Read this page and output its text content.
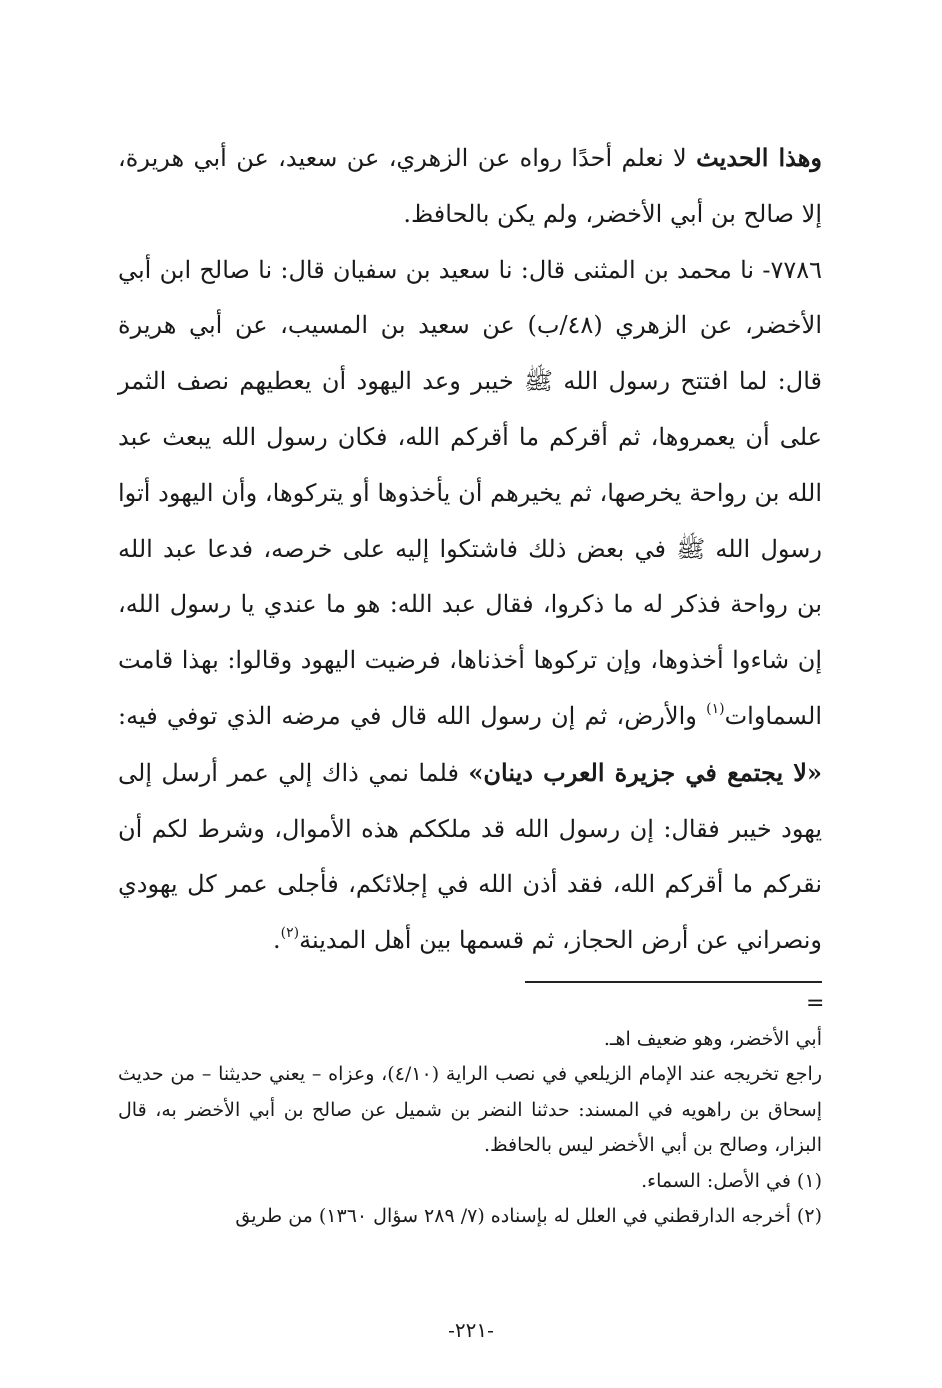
وهذا الحديث لا نعلم أحدًا رواه عن الزهري، عن سعيد، عن أبي هريرة، إلا صالح بن أبي الأخضر، ولم يكن بالحافظ.

٧٧٨٦- نا محمد بن المثنى قال: نا سعيد بن سفيان قال: نا صالح ابن أبي الأخضر، عن الزهري (٤٨/ب) عن سعيد بن المسيب، عن أبي هريرة قال: لما افتتح رسول الله ﷺ خيبر وعد اليهود أن يعطيهم نصف الثمر على أن يعمروها، ثم أقركم ما أقركم الله، فكان رسول الله يبعث عبد الله بن رواحة يخرصها، ثم يخيرهم أن يأخذوها أو يتركوها، وأن اليهود أتوا رسول الله ﷺ في بعض ذلك فاشتكوا إليه على خرصه، فدعا عبد الله بن رواحة فذكر له ما ذكروا، فقال عبد الله: هو ما عندي يا رسول الله، إن شاءوا أخذوها، وإن تركوها أخذناها، فرضيت اليهود وقالوا: بهذا قامت السماوات$^{(١)}$ والأرض، ثم إن رسول الله قال في مرضه الذي توفي فيه: «لا يجتمع في جزيرة العرب دينان» فلما نمي ذاك إلي عمر أرسل إلى يهود خيبر فقال: إن رسول الله قد ملككم هذه الأموال، وشرط لكم أن نقركم ما أقركم الله، فقد أذن الله في إجلائكم، فأجلى عمر كل يهودي ونصراني عن أرض الحجاز، ثم قسمها بين أهل المدينة$^{(٢)}$.

=

أبي الأخضر، وهو ضعيف اهـ.

راجع تخريجه عند الإمام الزيلعي في نصب الراية (٤/١٠)، وعزاه – يعني حديثنا – من حديث إسحاق بن راهويه في المسند: حدثنا النضر بن شميل عن صالح بن أبي الأخضر به، قال البزار، وصالح بن أبي الأخضر ليس بالحافظ.

(١) في الأصل: السماء.

(٢) أخرجه الدارقطني في العلل له بإسناده (٧/ ٢٨٩ سؤال ١٣٦٠) من طريق

-٢٢١-
